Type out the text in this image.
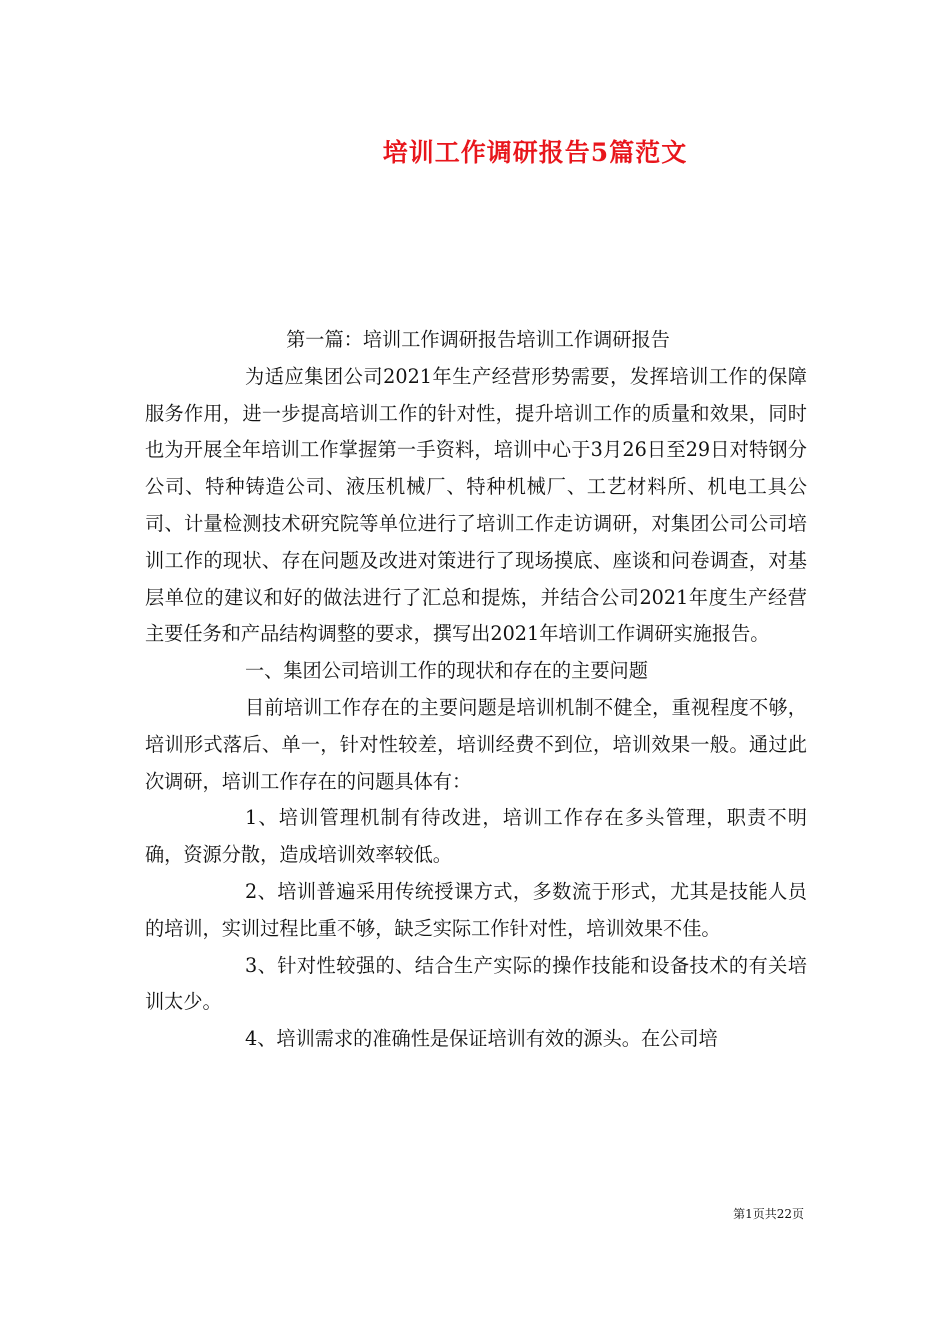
培训工作调研报告5篇范文

第一篇：培训工作调研报告培训工作调研报告

为适应集团公司2021年生产经营形势需要，发挥培训工作的保障服务作用，进一步提高培训工作的针对性，提升培训工作的质量和效果，同时也为开展全年培训工作掌握第一手资料，培训中心于3月26日至29日对特钢分公司、特种铸造公司、液压机械厂、特种机械厂、工艺材料所、机电工具公司、计量检测技术研究院等单位进行了培训工作走访调研，对集团公司公司培训工作的现状、存在问题及改进对策进行了现场摸底、座谈和问卷调查，对基层单位的建议和好的做法进行了汇总和提炼，并结合公司2021年度生产经营主要任务和产品结构调整的要求，撰写出2021年培训工作调研实施报告。

一、集团公司培训工作的现状和存在的主要问题

目前培训工作存在的主要问题是培训机制不健全，重视程度不够，培训形式落后、单一，针对性较差，培训经费不到位，培训效果一般。通过此次调研，培训工作存在的问题具体有：

1、培训管理机制有待改进，培训工作存在多头管理，职责不明确，资源分散，造成培训效率较低。

2、培训普遍采用传统授课方式，多数流于形式，尤其是技能人员的培训，实训过程比重不够，缺乏实际工作针对性，培训效果不佳。

3、针对性较强的、结合生产实际的操作技能和设备技术的有关培训太少。

4、培训需求的准确性是保证培训有效的源头。在公司培

第1页共22页
